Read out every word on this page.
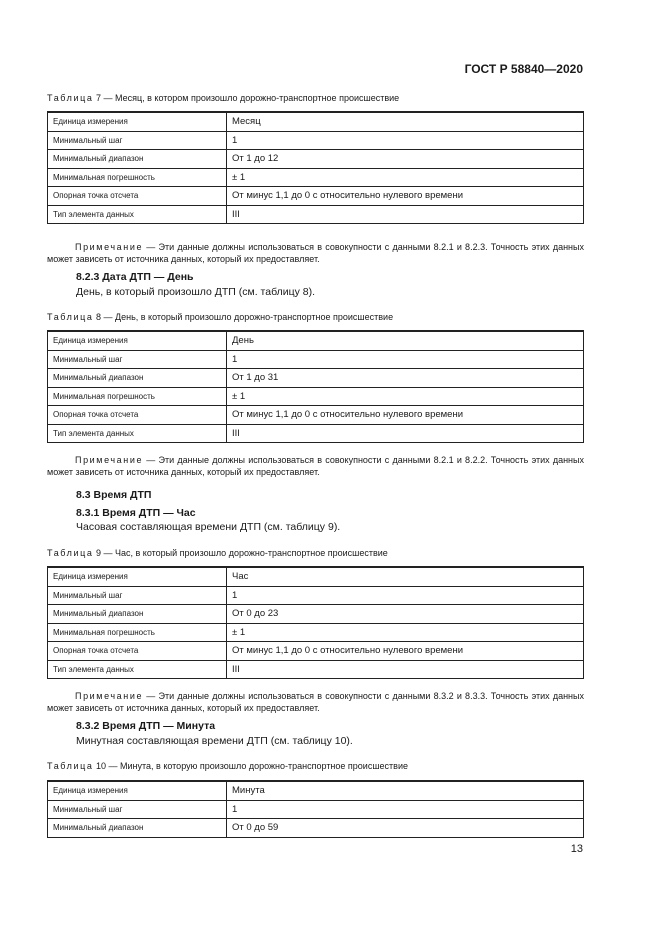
ГОСТ Р 58840—2020
Таблица 7 — Месяц, в котором произошло дорожно-транспортное происшествие
Единица измерения	Месяц
Минимальный шаг	1
Минимальный диапазон	От 1 до 12
Минимальная погрешность	± 1
Опорная точка отсчета	От минус 1,1 до 0 с относительно нулевого времени
Тип элемента данных	III
Примечание — Эти данные должны использоваться в совокупности с данными 8.2.1 и 8.2.3. Точность этих данных может зависеть от источника данных, который их предоставляет.
8.2.3 Дата ДТП — День
День, в который произошло ДТП (см. таблицу 8).
Таблица 8 — День, в который произошло дорожно-транспортное происшествие
Единица измерения	День
Минимальный шаг	1
Минимальный диапазон	От 1 до 31
Минимальная погрешность	± 1
Опорная точка отсчета	От минус 1,1 до 0 с относительно нулевого времени
Тип элемента данных	III
Примечание — Эти данные должны использоваться в совокупности с данными 8.2.1 и 8.2.2. Точность этих данных может зависеть от источника данных, который их предоставляет.
8.3 Время ДТП
8.3.1 Время ДТП — Час
Часовая составляющая времени ДТП (см. таблицу 9).
Таблица 9 — Час, в который произошло дорожно-транспортное происшествие
Единица измерения	Час
Минимальный шаг	1
Минимальный диапазон	От 0 до 23
Минимальная погрешность	± 1
Опорная точка отсчета	От минус 1,1 до 0 с относительно нулевого времени
Тип элемента данных	III
Примечание — Эти данные должны использоваться в совокупности с данными 8.3.2 и 8.3.3. Точность этих данных может зависеть от источника данных, который их предоставляет.
8.3.2 Время ДТП — Минута
Минутная составляющая времени ДТП (см. таблицу 10).
Таблица 10 — Минута, в которую произошло дорожно-транспортное происшествие
Единица измерения	Минута
Минимальный шаг	1
Минимальный диапазон	От 0 до 59
13
